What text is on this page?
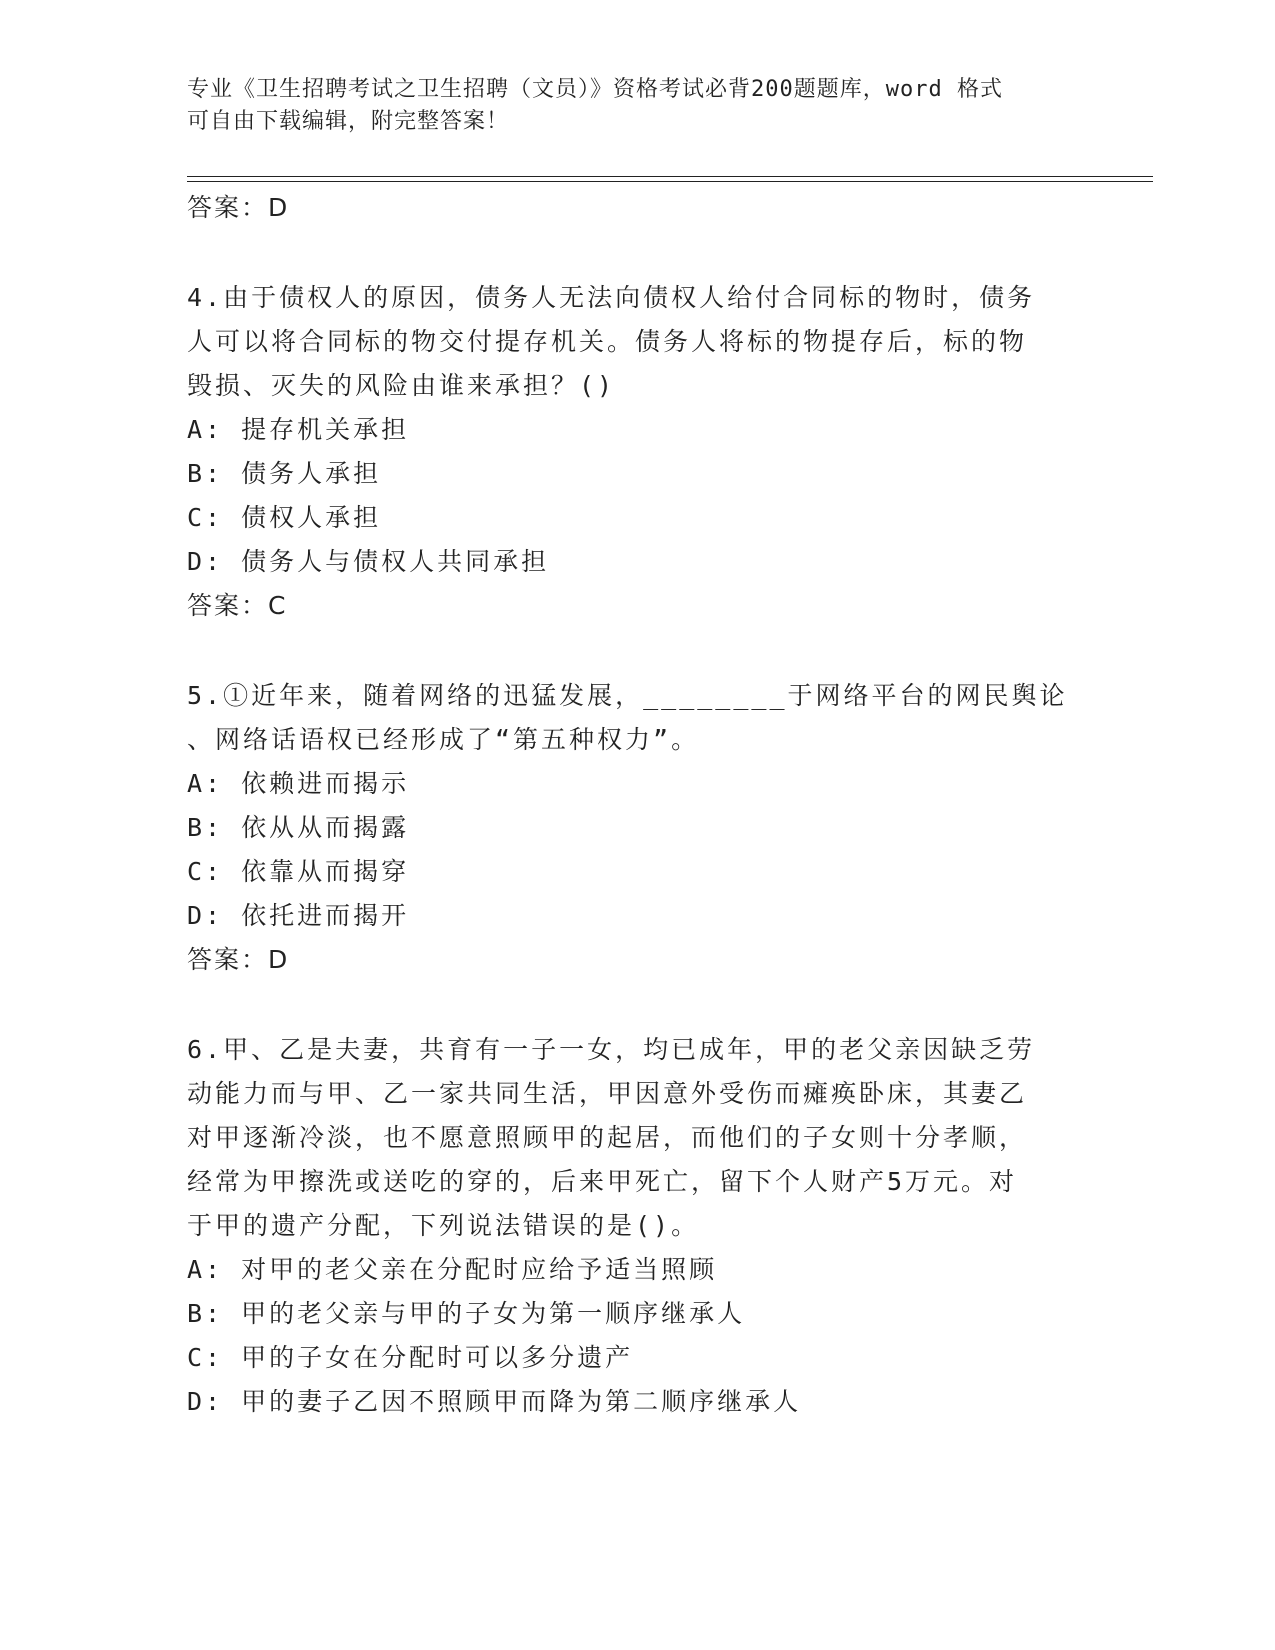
专业《卫生招聘考试之卫生招聘（文员）》资格考试必背200题题库，word 格式
可自由下载编辑，附完整答案！
答案：D
4.由于债权人的原因，债务人无法向债权人给付合同标的物时，债务
人可以将合同标的物交付提存机关。债务人将标的物提存后，标的物
毁损、灭失的风险由谁来承担？()
A: 提存机关承担
B: 债务人承担
C: 债权人承担
D: 债务人与债权人共同承担
答案：C
5.①近年来，随着网络的迅猛发展，________于网络平台的网民舆论
、网络话语权已经形成了“第五种权力”。
A: 依赖进而揭示
B: 依从从而揭露
C: 依靠从而揭穿
D: 依托进而揭开
答案：D
6.甲、乙是夫妻，共育有一子一女，均已成年，甲的老父亲因缺乏劳
动能力而与甲、乙一家共同生活，甲因意外受伤而瘫痪卧床，其妻乙
对甲逐渐冷淡，也不愿意照顾甲的起居，而他们的子女则十分孝顺，
经常为甲擦洗或送吃的穿的，后来甲死亡，留下个人财产5万元。对
于甲的遗产分配，下列说法错误的是()。
A: 对甲的老父亲在分配时应给予适当照顾
B: 甲的老父亲与甲的子女为第一顺序继承人
C: 甲的子女在分配时可以多分遗产
D: 甲的妻子乙因不照顾甲而降为第二顺序继承人
